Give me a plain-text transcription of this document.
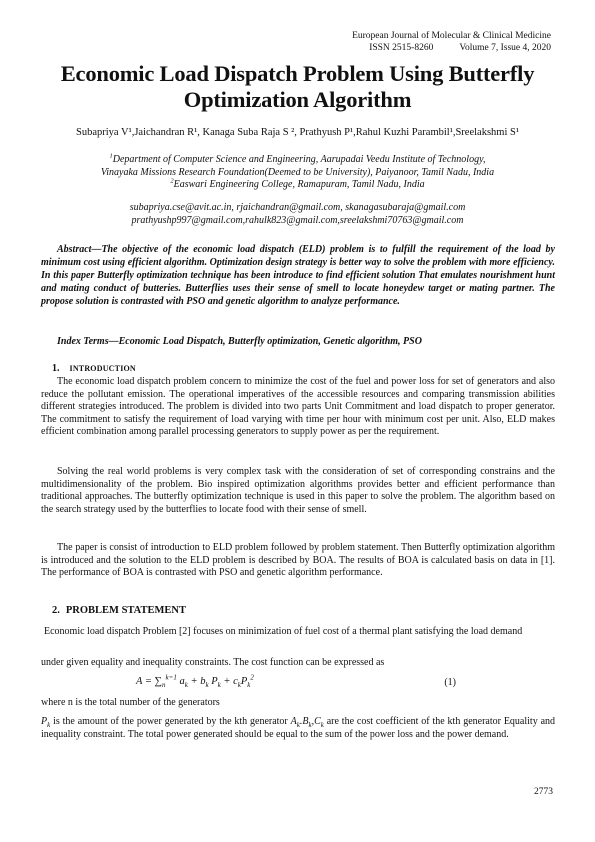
European Journal of Molecular & Clinical Medicine
ISSN 2515-8260	Volume 7, Issue 4, 2020
Economic Load Dispatch Problem Using Butterfly Optimization Algorithm
Subapriya V¹,Jaichandran R¹, Kanaga Suba Raja S ², Prathyush P¹,Rahul Kuzhi Parambil¹,Sreelakshmi S¹
$^1$Department of Computer Science and Engineering, Aarupadai Veedu Institute of Technology,
Vinayaka Missions Research Foundation(Deemed to be University), Paiyanoor, Tamil Nadu, India
$^2$Easwari Engineering College, Ramapuram, Tamil Nadu, India
subapriya.cse@avit.ac.in, rjaichandran@gmail.com, skanagasubaraja@gmail.com
prathyushp997@gmail.com,rahulk823@gmail.com,sreelakshmi70763@gmail.com
Abstract—The objective of the economic load dispatch (ELD) problem is to fulfill the requirement of the load by minimum cost using efficient algorithm. Optimization design strategy is better way to solve the problem with more efficiency. In this paper Butterfly optimization technique has been introduce to find efficient solution That emulates nourishment hunt and mating conduct of butteries. Butterflies uses their sense of smell to locate honeydew target or mating partner. The propose solution is contrasted with PSO and genetic algorithm to analyze performance.
Index Terms—Economic Load Dispatch, Butterfly optimization, Genetic algorithm, PSO
1. INTRODUCTION
The economic load dispatch problem concern to minimize the cost of the fuel and power loss for set of generators and also reduce the pollutant emission. The operational imperatives of the accessible resources and comparing transmission abilities different strategies introduced. The problem is divided into two parts Unit Commitment and load dispatch to proper generator. The commitment to satisfy the requirement of load varying with time per hour with minimum cost per unit. Also, ELD makes efficient combination among parallel processing generators to supply power as per the requirement.
Solving the real world problems is very complex task with the consideration of set of corresponding constrains and the multidimensionality of the problem. Bio inspired optimization algorithms provides better and efficient performance than traditional approaches. The butterfly optimization technique is used in this paper to solve the problem. The algorithm based on the search strategy used by the butterflies to locate food with their sense of smell.
The paper is consist of introduction to ELD problem followed by problem statement. Then Butterfly optimization algorithm is introduced and the solution to the ELD problem is described by BOA. The results of BOA is calculated basis on data in [1]. The performance of BOA is contrasted with PSO and genetic algorithm performance.
2. PROBLEM STATEMENT
Economic load dispatch Problem [2] focuses on minimization of fuel cost of a thermal plant satisfying the load demand
under given equality and inequality constraints. The cost function can be expressed as
$A = \sum_n^{k=1}$ $a_k + b_k$ $P_k + c_kP_k^2$	(1)
where n is the total number of the generators
$P_k$ is the amount of the power generated by the kth generator $A_k.B_k,C_k$ are the cost coefficient of the kth generator Equality and inequality constraint. The total power generated should be equal to the sum of the power loss and the power demand.
2773
